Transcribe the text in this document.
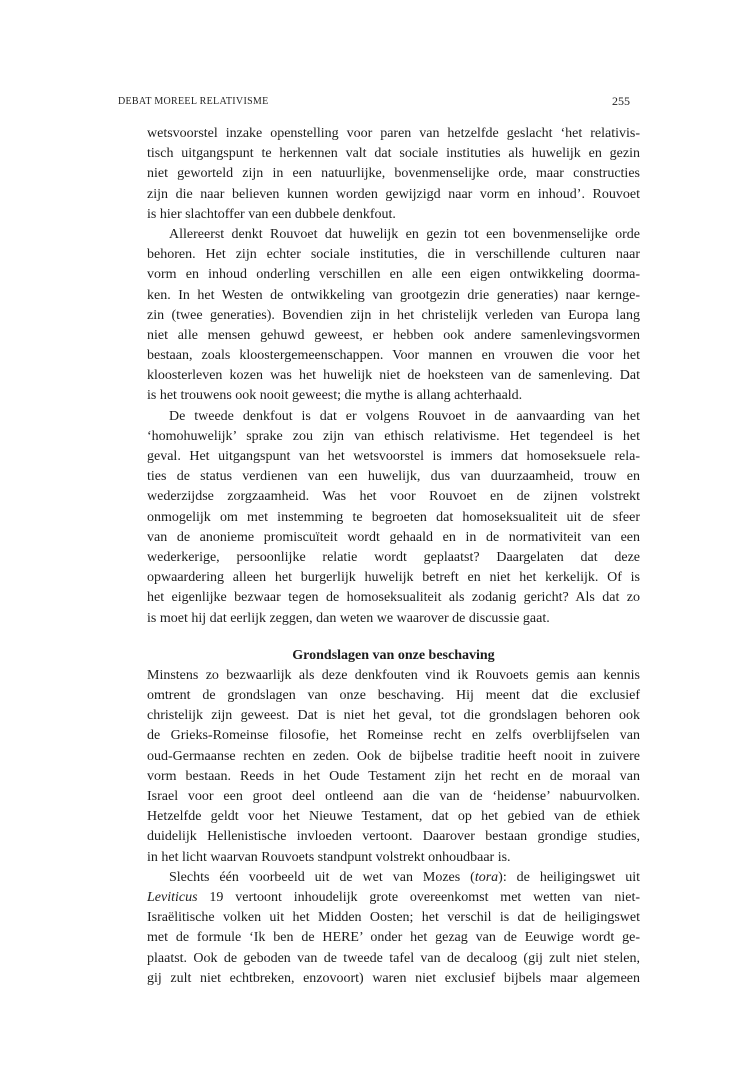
DEBAT MOREEL RELATIVISME	255
wetsvoorstel inzake openstelling voor paren van hetzelfde geslacht ‘het relativis-
tisch uitgangspunt te herkennen valt dat sociale instituties als huwelijk en gezin
niet geworteld zijn in een natuurlijke, bovenmenselijke orde, maar constructies
zijn die naar believen kunnen worden gewijzigd naar vorm en inhoud’. Rouvoet
is hier slachtoffer van een dubbele denkfout.
Allereerst denkt Rouvoet dat huwelijk en gezin tot een bovenmenselijke orde
behoren. Het zijn echter sociale instituties, die in verschillende culturen naar
vorm en inhoud onderling verschillen en alle een eigen ontwikkeling doorma-
ken. In het Westen de ontwikkeling van grootgezin drie generaties) naar kernge-
zin (twee generaties). Bovendien zijn in het christelijk verleden van Europa lang
niet alle mensen gehuwd geweest, er hebben ook andere samenlevingsvormen
bestaan, zoals kloostergemeenschappen. Voor mannen en vrouwen die voor het
kloosterleven kozen was het huwelijk niet de hoeksteen van de samenleving. Dat
is het trouwens ook nooit geweest; die mythe is allang achterhaald.
De tweede denkfout is dat er volgens Rouvoet in de aanvaarding van het
‘homohuwelijk’ sprake zou zijn van ethisch relativisme. Het tegendeel is het
geval. Het uitgangspunt van het wetsvoorstel is immers dat homoseksuele rela-
ties de status verdienen van een huwelijk, dus van duurzaamheid, trouw en
wederzijdse zorgzaamheid. Was het voor Rouvoet en de zijnen volstrekt
onmogelijk om met instemming te begroeten dat homoseksualiteit uit de sfeer
van de anonieme promiscuïteit wordt gehaald en in de normativiteit van een
wederkerige, persoonlijke relatie wordt geplaatst? Daargelaten dat deze
opwaardering alleen het burgerlijk huwelijk betreft en niet het kerkelijk. Of is
het eigenlijke bezwaar tegen de homoseksualiteit als zodanig gericht? Als dat zo
is moet hij dat eerlijk zeggen, dan weten we waarover de discussie gaat.
Grondslagen van onze beschaving
Minstens zo bezwaarlijk als deze denkfouten vind ik Rouvoets gemis aan kennis
omtrent de grondslagen van onze beschaving. Hij meent dat die exclusief
christelijk zijn geweest. Dat is niet het geval, tot die grondslagen behoren ook
de Grieks-Romeinse filosofie, het Romeinse recht en zelfs overblijfselen van
oud-Germaanse rechten en zeden. Ook de bijbelse traditie heeft nooit in zuivere
vorm bestaan. Reeds in het Oude Testament zijn het recht en de moraal van
Israel voor een groot deel ontleend aan die van de ‘heidense’ nabuurvolken.
Hetzelfde geldt voor het Nieuwe Testament, dat op het gebied van de ethiek
duidelijk Hellenistische invloeden vertoont. Daarover bestaan grondige studies,
in het licht waarvan Rouvoets standpunt volstrekt onhoudbaar is.
Slechts één voorbeeld uit de wet van Mozes (tora): de heiligingswet uit
Leviticus 19 vertoont inhoudelijk grote overeenkomst met wetten van niet-
Israëlitische volken uit het Midden Oosten; het verschil is dat de heiligingswet
met de formule ‘Ik ben de HERE’ onder het gezag van de Eeuwige wordt ge-
plaatst. Ook de geboden van de tweede tafel van de decaloog (gij zult niet stelen,
gij zult niet echtbreken, enzovoort) waren niet exclusief bijbels maar algemeen
